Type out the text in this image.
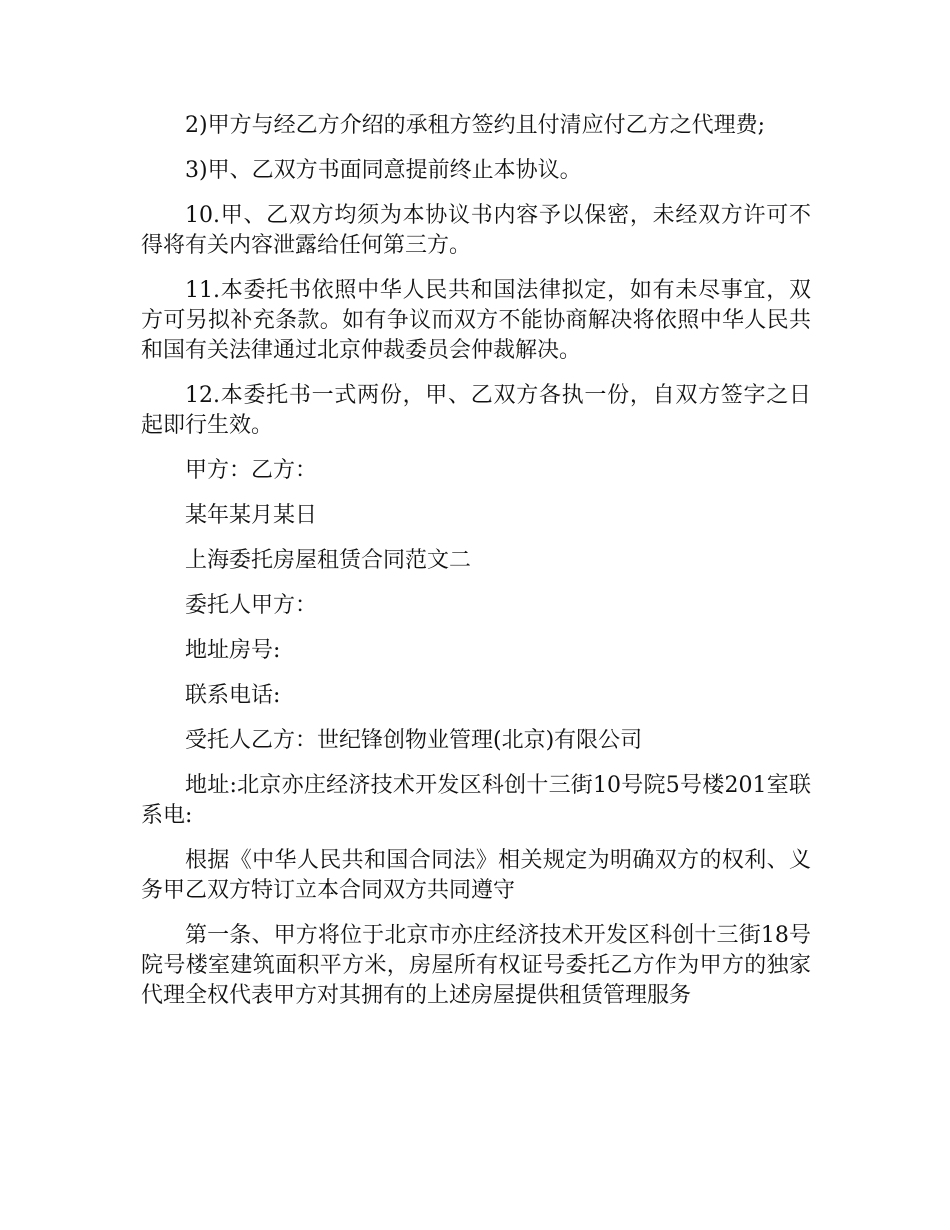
2)甲方与经乙方介绍的承租方签约且付清应付乙方之代理费;

3)甲、乙双方书面同意提前终止本协议。

10.甲、乙双方均须为本协议书内容予以保密，未经双方许可不得将有关内容泄露给任何第三方。

11.本委托书依照中华人民共和国法律拟定，如有未尽事宜，双方可另拟补充条款。如有争议而双方不能协商解决将依照中华人民共和国有关法律通过北京仲裁委员会仲裁解决。

12.本委托书一式两份，甲、乙双方各执一份，自双方签字之日起即行生效。

甲方：乙方：

某年某月某日

上海委托房屋租赁合同范文二

委托人甲方：

地址房号:

联系电话:

受托人乙方：世纪锋创物业管理(北京)有限公司

地址:北京亦庄经济技术开发区科创十三街10号院5号楼201室联系电:

根据《中华人民共和国合同法》相关规定为明确双方的权利、义务甲乙双方特订立本合同双方共同遵守

第一条、甲方将位于北京市亦庄经济技术开发区科创十三街18号院号楼室建筑面积平方米，房屋所有权证号委托乙方作为甲方的独家代理全权代表甲方对其拥有的上述房屋提供租赁管理服务
